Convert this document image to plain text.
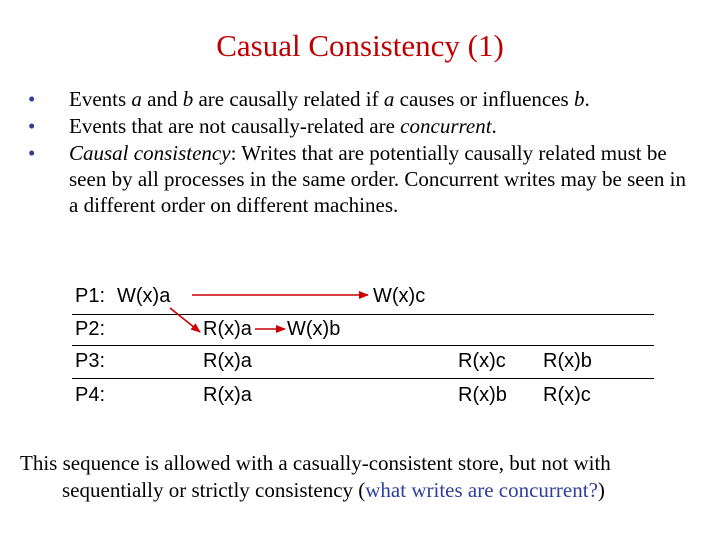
Casual Consistency (1)
• Events a and b are causally related if a causes or influences b.
• Events that are not causally-related are concurrent.
• Causal consistency: Writes that are potentially causally related must be seen by all processes in the same order. Concurrent writes may be seen in a different order on different machines.
P1: W(x)a	W(x)c
P2:	R(x)a W(x)b
P3:	R(x)a	R(x)c R(x)b
P4:	R(x)a	R(x)b R(x)c
This sequence is allowed with a casually-consistent store, but not with
sequentially or strictly consistency (what writes are concurrent?)
